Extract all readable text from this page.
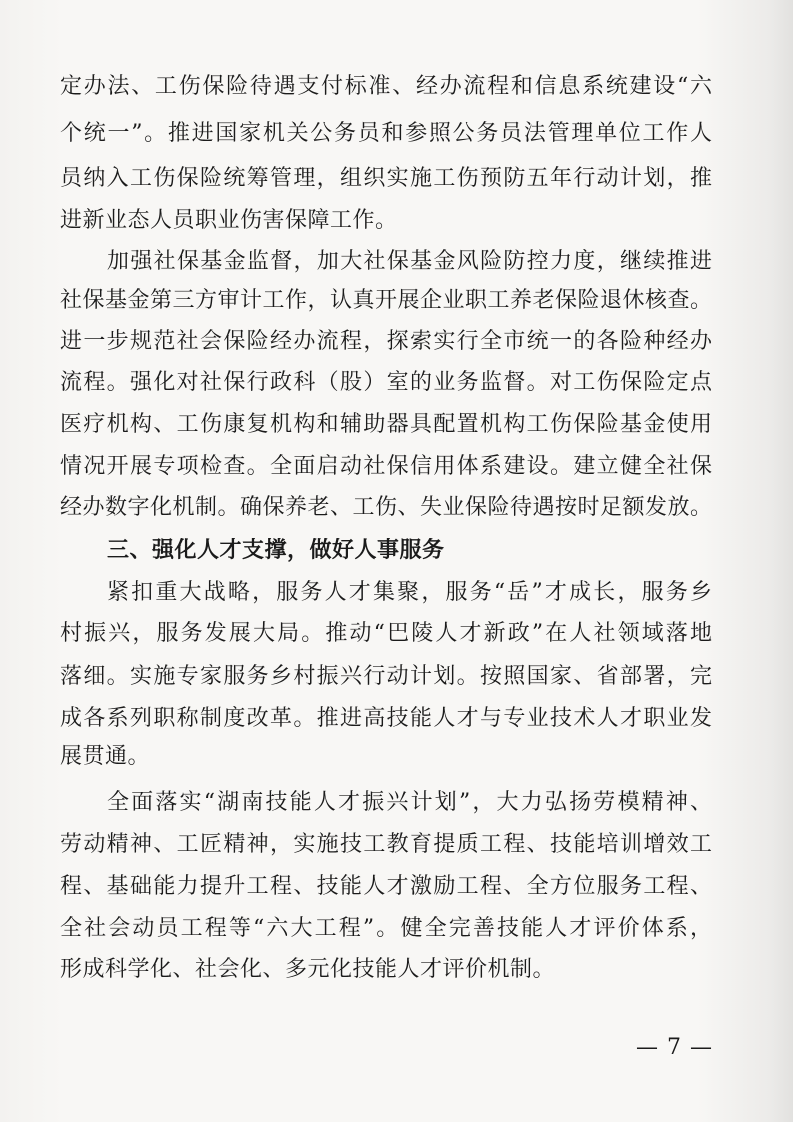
定办法、工伤保险待遇支付标准、经办流程和信息系统建设“六
个统一”。推进国家机关公务员和参照公务员法管理单位工作人
员纳入工伤保险统筹管理，组织实施工伤预防五年行动计划，推
进新业态人员职业伤害保障工作。
加强社保基金监督，加大社保基金风险防控力度，继续推进
社保基金第三方审计工作，认真开展企业职工养老保险退休核查。
进一步规范社会保险经办流程，探索实行全市统一的各险种经办
流程。强化对社保行政科（股）室的业务监督。对工伤保险定点
医疗机构、工伤康复机构和辅助器具配置机构工伤保险基金使用
情况开展专项检查。全面启动社保信用体系建设。建立健全社保
经办数字化机制。确保养老、工伤、失业保险待遇按时足额发放。
三、强化人才支撑，做好人事服务
紧扣重大战略，服务人才集聚，服务“岳”才成长，服务乡
村振兴，服务发展大局。推动“巴陵人才新政”在人社领域落地
落细。实施专家服务乡村振兴行动计划。按照国家、省部署，完
成各系列职称制度改革。推进高技能人才与专业技术人才职业发
展贯通。
全面落实“湖南技能人才振兴计划”，大力弘扬劳模精神、
劳动精神、工匠精神，实施技工教育提质工程、技能培训增效工
程、基础能力提升工程、技能人才激励工程、全方位服务工程、
全社会动员工程等“六大工程”。健全完善技能人才评价体系，
形成科学化、社会化、多元化技能人才评价机制。
— 7 —
